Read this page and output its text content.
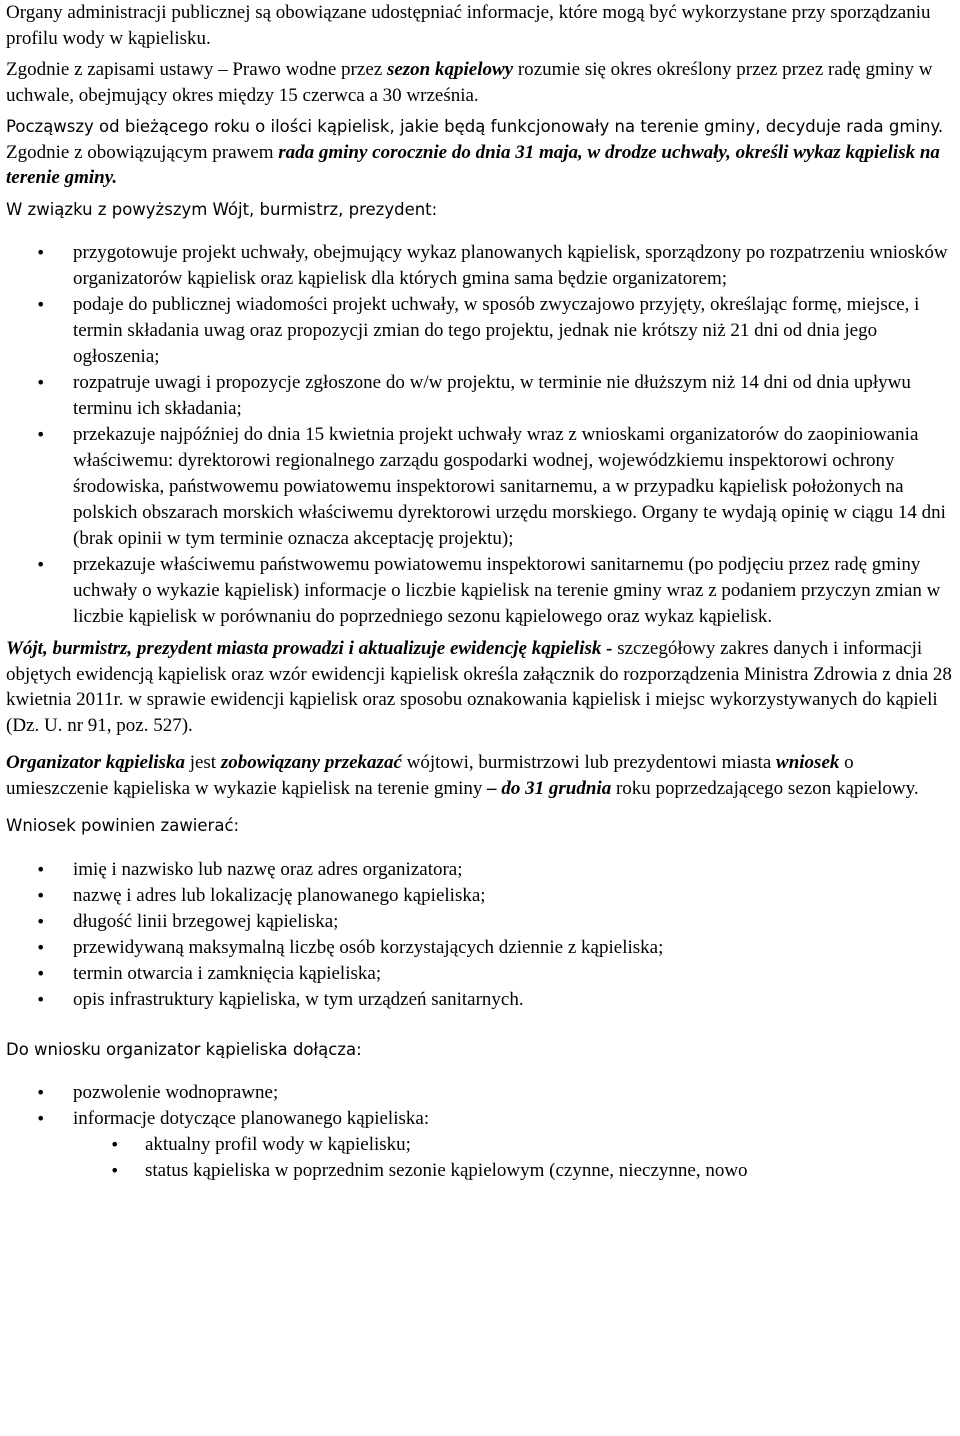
Organy administracji publicznej są obowiązane udostępniać informacje, które mogą być wykorzystane przy sporządzaniu profilu wody w kąpielisku.

Zgodnie z zapisami ustawy – Prawo wodne przez sezon kąpielowy rozumie się okres określony przez przez radę gminy w uchwale, obejmujący okres między 15 czerwca a 30 września.

Począwszy od bieżącego roku o ilości kąpielisk, jakie będą funkcjonowały na terenie gminy, decyduje rada gminy. Zgodnie z obowiązującym prawem rada gminy corocznie do dnia 31 maja, w drodze uchwały, określi wykaz kąpielisk na terenie gminy.

W związku z powyższym Wójt, burmistrz, prezydent:

• przygotowuje projekt uchwały, obejmujący wykaz planowanych kąpielisk, sporządzony po rozpatrzeniu wniosków organizatorów kąpielisk oraz kąpielisk dla których gmina sama będzie organizatorem;
• podaje do publicznej wiadomości projekt uchwały, w sposób zwyczajowo przyjęty, określając formę, miejsce, i termin składania uwag oraz propozycji zmian do tego projektu, jednak nie krótszy niż 21 dni od dnia jego ogłoszenia;
• rozpatruje uwagi i propozycje zgłoszone do w/w projektu, w terminie nie dłuższym niż 14 dni od dnia upływu terminu ich składania;
• przekazuje najpóźniej do dnia 15 kwietnia projekt uchwały wraz z wnioskami organizatorów do zaopiniowania właściwemu: dyrektorowi regionalnego zarządu gospodarki wodnej, wojewódzkiemu inspektorowi ochrony środowiska, państwowemu powiatowemu inspektorowi sanitarnemu, a w przypadku kąpielisk położonych na polskich obszarach morskich właściwemu dyrektorowi urzędu morskiego. Organy te wydają opinię w ciągu 14 dni (brak opinii w tym terminie oznacza akceptację projektu);
• przekazuje właściwemu państwowemu powiatowemu inspektorowi sanitarnemu (po podjęciu przez radę gminy uchwały o wykazie kąpielisk) informacje o liczbie kąpielisk na terenie gminy wraz z podaniem przyczyn zmian w liczbie kąpielisk w porównaniu do poprzedniego sezonu kąpielowego oraz wykaz kąpielisk.

Wójt, burmistrz, prezydent miasta prowadzi i aktualizuje ewidencję kąpielisk - szczegółowy zakres danych i informacji objętych ewidencją kąpielisk oraz wzór ewidencji kąpielisk określa załącznik do rozporządzenia Ministra Zdrowia z dnia 28 kwietnia 2011r. w sprawie ewidencji kąpielisk oraz sposobu oznakowania kąpielisk i miejsc wykorzystywanych do kąpieli (Dz. U. nr 91, poz. 527).

Organizator kąpieliska jest zobowiązany przekazać wójtowi, burmistrzowi lub prezydentowi miasta wniosek o umieszczenie kąpieliska w wykazie kąpielisk na terenie gminy – do 31 grudnia roku poprzedzającego sezon kąpielowy.

Wniosek powinien zawierać:

• imię i nazwisko lub nazwę oraz adres organizatora;
• nazwę i adres lub lokalizację planowanego kąpieliska;
• długość linii brzegowej kąpieliska;
• przewidywaną maksymalną liczbę osób korzystających dziennie z kąpieliska;
• termin otwarcia i zamknięcia kąpieliska;
• opis infrastruktury kąpieliska, w tym urządzeń sanitarnych.

Do wniosku organizator kąpieliska dołącza:

• pozwolenie wodnoprawne;
• informacje dotyczące planowanego kąpieliska:
• aktualny profil wody w kąpielisku;
• status kąpieliska w poprzednim sezonie kąpielowym (czynne, nieczynne, nowo
